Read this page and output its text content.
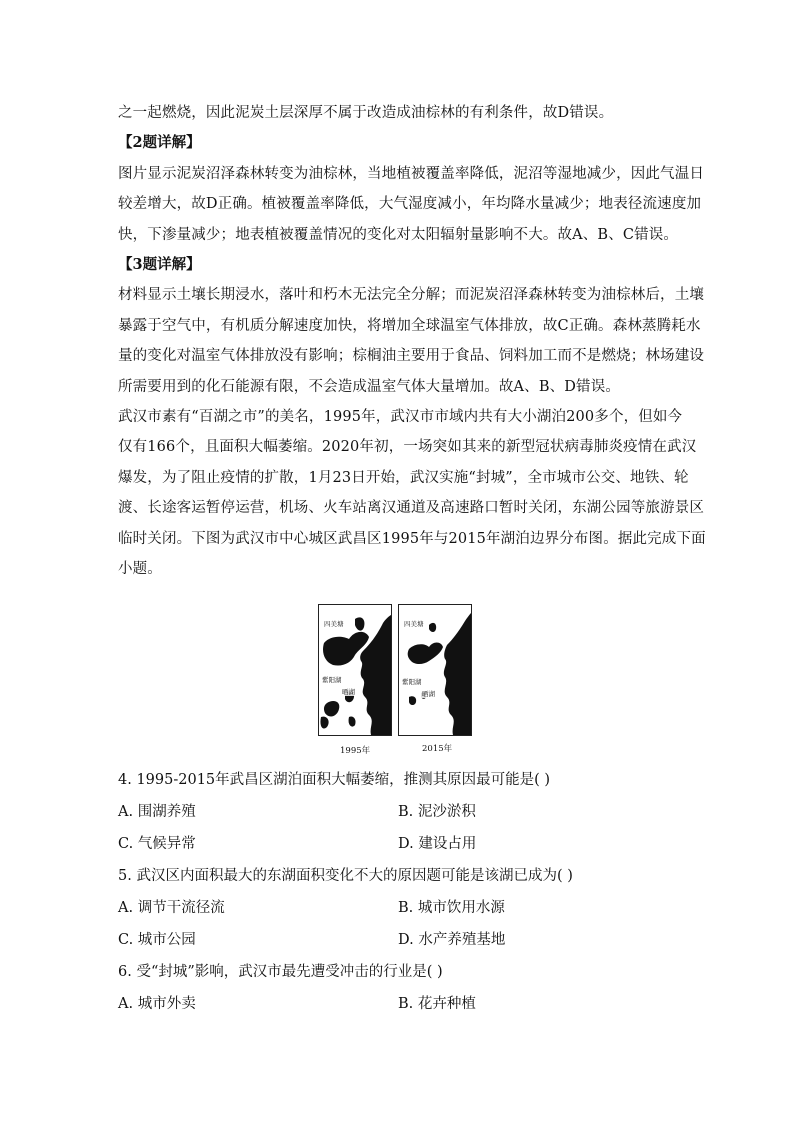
之一起燃烧，因此泥炭土层深厚不属于改造成油棕林的有利条件，故D错误。
【2题详解】
图片显示泥炭沼泽森林转变为油棕林，当地植被覆盖率降低，泥沼等湿地减少，因此气温日
较差增大，故D正确。植被覆盖率降低，大气湿度减小，年均降水量减少；地表径流速度加
快，下渗量减少；地表植被覆盖情况的变化对太阳辐射量影响不大。故A、B、C错误。
【3题详解】
材料显示土壤长期浸水，落叶和朽木无法完全分解；而泥炭沼泽森林转变为油棕林后，土壤
暴露于空气中，有机质分解速度加快，将增加全球温室气体排放，故C正确。森林蒸腾耗水
量的变化对温室气体排放没有影响；棕榈油主要用于食品、饲料加工而不是燃烧；林场建设
所需要用到的化石能源有限，不会造成温室气体大量增加。故A、B、D错误。
武汉市素有“百湖之市”的美名，1995年，武汉市市域内共有大小湖泊200多个，但如今
仅有166个，且面积大幅萎缩。2020年初，一场突如其来的新型冠状病毒肺炎疫情在武汉
爆发，为了阻止疫情的扩散，1月23日开始，武汉实施“封城”，全市城市公交、地铁、轮
渡、长途客运暂停运营，机场、火车站离汉通道及高速路口暂时关闭，东湖公园等旅游景区
临时关闭。下图为武汉市中心城区武昌区1995年与2015年湖泊边界分布图。据此完成下面
小题。
四美塘
紫阳湖
晒湖
四美塘
紫阳湖
晒湖
1995年	2015年
4. 1995-2015年武昌区湖泊面积大幅萎缩，推测其原因最可能是( )
A. 围湖养殖	B. 泥沙淤积
C. 气候异常	D. 建设占用
5. 武汉区内面积最大的东湖面积变化不大的原因题可能是该湖已成为( )
A. 调节干流径流	B. 城市饮用水源
C. 城市公园	D. 水产养殖基地
6. 受“封城”影响，武汉市最先遭受冲击的行业是( )
A. 城市外卖	B. 花卉种植
